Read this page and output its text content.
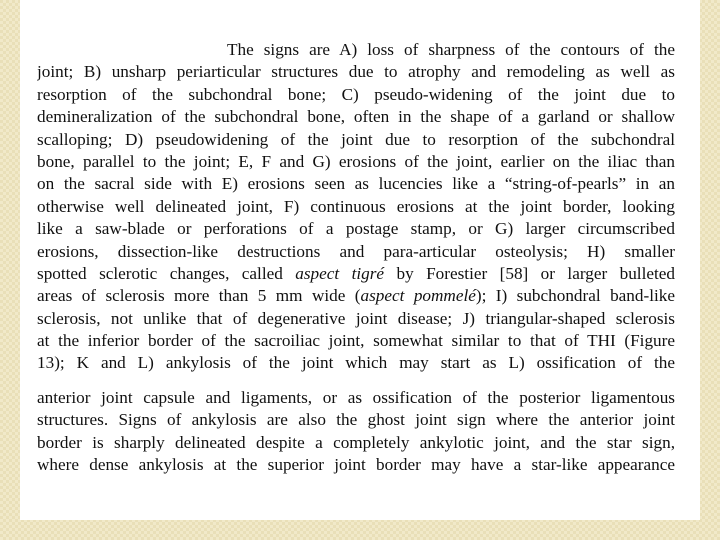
The signs are A) loss of sharpness of the contours of the
joint; B) unsharp periarticular structures due to atrophy and remodeling as well as
resorption of the subchondral bone; C) pseudo-widening of the joint due to
demineralization of the subchondral bone, often in the shape of a garland or shallow
scalloping; D) pseudowidening of the joint due to resorption of the subchondral
bone, parallel to the joint; E, F and G) erosions of the joint, earlier on the iliac than
on the sacral side with E) erosions seen as lucencies like a “string-of-pearls” in an
otherwise well delineated joint, F) continuous erosions at the joint border, looking
like a saw-blade or perforations of a postage stamp, or G) larger circumscribed
erosions, dissection-like destructions and para-articular osteolysis; H) smaller
spotted sclerotic changes, called aspect tigré by Forestier [58] or larger bulleted
areas of sclerosis more than 5 mm wide (aspect pommelé); I) subchondral band-like
sclerosis, not unlike that of degenerative joint disease; J) triangular-shaped sclerosis
at the inferior border of the sacroiliac joint, somewhat similar to that of THI (Figure
13); K and L) ankylosis of the joint which may start as L) ossification of the
anterior joint capsule and ligaments, or as ossification of the posterior ligamentous
structures. Signs of ankylosis are also the ghost joint sign where the anterior joint
border is sharply delineated despite a completely ankylotic joint, and the star sign,
where dense ankylosis at the superior joint border may have a star-like appearance
